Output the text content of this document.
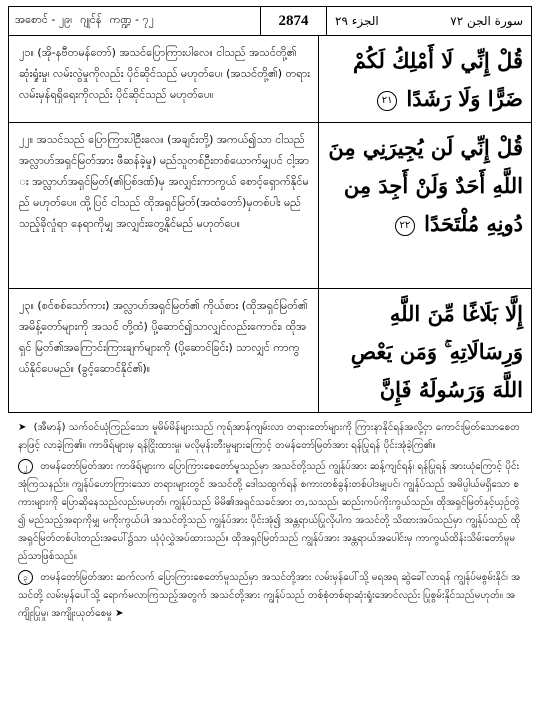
အစောင် - ၂၉၊ ဂျုင်န် ကဏ္ဍ - ၇၂	2874	سورة الجن ٧٢
الجزء ٢٩
၂၁။ (အို-နဗီတမန်တော်) အသင်ပြောကြားပါလေ။ ငါသည် အသင်တို့၏ ဆုံးရှုံးမှု၊ လမ်းလွဲမှုကိုလည်း ပိုင်ဆိုင်သည် မဟုတ်ပေ၊ (အသင်တို့၏) တရား လမ်းမှန်ရရှိရေးကိုလည်း ပိုင်ဆိုင်သည် မဟုတ်ပေ။
قُلْ إِنِّي لَا أَمْلِكُ لَكُمْ ضَرًّا وَلَا رَشَدًا ٢١
၂၂။ အသင်သည် ပြောကြားပါဦးလေ။ (အချင်းတို့) အကယ်၍သာ ငါသည် အလ္လာဟ်အရှင်မြတ်အား ဖီဆန်ခဲ့မှု) မည်သူတစ်ဦးတစ်ယောက်မျှပင် ငါ့အား အလ္လာဟ်အရှင်မြတ်(၏ပြစ်ဒဏ်)မှ အလျှင်းကာကွယ် စောင့်ရှောက်နိုင်မည် မဟုတ်ပေ။ ထို့ပြင် ငါသည် ထိုအရှင်မြတ်(အထံတော်)မှတစ်ပါး မည်သည့်ခိုလှုံရာ နေရာကိုမျှ အလျှင်းတွေ့နိုင်မည် မဟုတ်ပေ။
قُلْ إِنِّي لَن يُجِيرَنِي مِنَ اللَّهِ أَحَدٌ وَلَنْ أَجِدَ مِن دُونِهِ مُلْتَحَدًا ٢٢
၂၃။ (စင်စစ်သော်ကား) အလ္လာဟ်အရှင်မြတ်၏ ကိုယ်စား (ထိုအရှင်မြတ်၏အမိန့်တော်များကို အသင် တို့ထံ) ပို့ဆောင်၍သာလျှင်လည်းကောင်း၊ ထိုအရှင် မြတ်၏အကြောင်းကြားချက်များကို (ပို့ဆောင်ခြင်း) သာလျှင် ကာကွယ်နိုင်ပေမည်။ (ခွင့်ဆောင်နိုင်၏)။
إِلَّا بَلَاغًا مِّنَ اللَّهِ وَرِسَالَاتِهِ ۚ وَمَن يَعْصِ اللَّهَ وَرَسُولَهُ فَإِنَّ
➤ (အီမာန်) သက်ဝင်ယုံကြည်သော မူမိမ်မိန်များသည် ကုရ်အာန်ကျမ်းလာ တရားတော်များကို ကြားနာနိုင်ရန်အလို့ငှာ ကောင်းမြတ်သောစေတနာဖြင့် လာခဲ့ကြ၏။ ကာဖိရ်များမှ ရန်ငြိုးထားမှု၊ မလိုမုန်းတီးမှုများကြောင့် တမန်တော်မြတ်အား ရန်ပြုရန် ပိုင်းအုံခဲ့ကြ၏။
၂ တမန်တော်မြတ်အား ကာဖိရ်များက ပြောကြားစေတော်မူသည်မှာ အသင်တို့သည် ကျွန်ုပ်အား ဆန့်ကျင်ရန်၊ ရန်ပြုရန် အားယုံကြောင့် ပိုင်းအုံကြသနည်း။ ကျွန်ုပ်ဟောကြားသော တရားများတွင် အသင်တို့ ဒေါသထွက်ရန် စကားတစ်ခွန်းတစ်ပါဒမျှပင်၊ ကျွန်ုပ်သည် အမိပ္ပါယ်မရှိသော စကားများကို ပြောဆိုနေသည်လည်းမဟုတ်၊ ကျွန်ုပ်သည် မိမိ၏အရှင်သခင်အား တ,သသည်၊ ဆည်းကပ်ကိုးကွယ်သည်။ ထိုအရှင်မြတ်နှင့်ယှဉ်တွဲ၍ မည်သည့်အရာကိုမျှ မကိုးကွယ်ပါ၊ အသင်တို့သည် ကျွန်ုပ်အား ပိုင်းအုံ၍ အန္တရာယ်ပြုလိုပါက အသင်တို့ သိထားအပ်သည်မှာ ကျွန်ုပ်သည် ထိုအရှင်မြတ်တစ်ပါးတည်းအပေါ်၌သာ ယုံပုံလွှဲအပ်ထားသည်။ ထိုအရှင်မြတ်သည် ကျွန်ုပ်အား အန္တရာယ်အပေါင်းမှ ကာကွယ်ထိန်းသိမ်းတော်မူမည်သာဖြစ်သည်။
၃ တမန်တော်မြတ်အား ဆက်လက် ပြောကြားစေတော်မူသည်မှာ အသင်တို့အား လမ်းမှန်ပေါ်သို့ မရအရ ဆွဲခေါ်လာရန် ကျွန်ုပ်မစွမ်းနိုင်၊ အသင်တို့ လမ်းမှန်ပေါ်သို့ ရောက်မလာကြသည့်အတွက် အသင်တို့အား ကျွန်ုပ်သည် တစ်စုံတစ်ရာဆုံးရှုံးအောင်လည်း ပြုစွမ်းနိုင်သည်မဟုတ်။ အကျိုးပြုမှု၊ အကျိုးယုတ်စေမှု ➤
